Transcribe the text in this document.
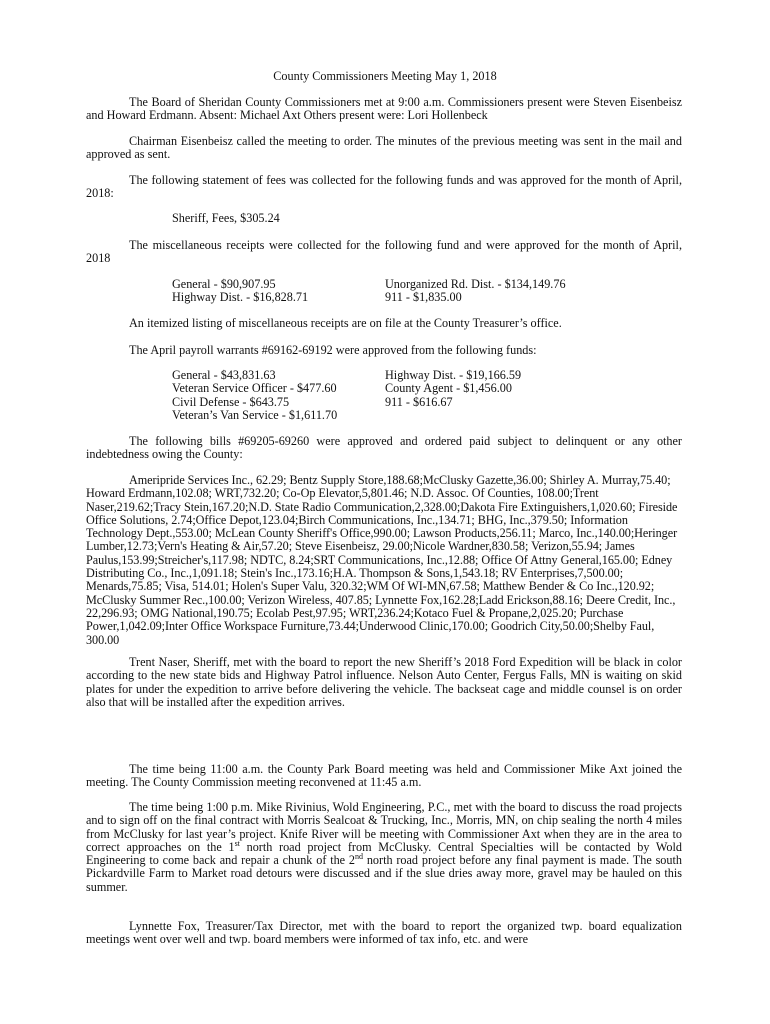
County Commissioners Meeting May 1, 2018
The Board of Sheridan County Commissioners met at 9:00 a.m. Commissioners present were Steven Eisenbeisz and Howard Erdmann. Absent: Michael Axt Others present were: Lori Hollenbeck
Chairman Eisenbeisz called the meeting to order. The minutes of the previous meeting was sent in the mail and approved as sent.
The following statement of fees was collected for the following funds and was approved for the month of April, 2018:
Sheriff, Fees, $305.24
The miscellaneous receipts were collected for the following fund and were approved for the month of April, 2018
General - $90,907.95
Highway Dist. - $16,828.71
Unorganized Rd. Dist. - $134,149.76
911 - $1,835.00
An itemized listing of miscellaneous receipts are on file at the County Treasurer’s office.
The April payroll warrants #69162-69192 were approved from the following funds:
General - $43,831.63
Veteran Service Officer - $477.60
Civil Defense - $643.75
Veteran’s Van Service - $1,611.70
Highway Dist. - $19,166.59
County Agent - $1,456.00
911 - $616.67
The following bills #69205-69260 were approved and ordered paid subject to delinquent or any other indebtedness owing the County:
Ameripride Services Inc., 62.29; Bentz Supply Store,188.68;McClusky Gazette,36.00; Shirley A. Murray,75.40; Howard Erdmann,102.08; WRT,732.20; Co-Op Elevator,5,801.46; N.D. Assoc. Of Counties, 108.00;Trent Naser,219.62;Tracy Stein,167.20;N.D. State Radio Communication,2,328.00;Dakota Fire Extinguishers,1,020.60; Fireside Office Solutions, 2.74;Office Depot,123.04;Birch Communications, Inc.,134.71; BHG, Inc.,379.50; Information Technology Dept.,553.00; McLean County Sheriff's Office,990.00; Lawson Products,256.11; Marco, Inc.,140.00;Heringer Lumber,12.73;Vern's Heating & Air,57.20; Steve Eisenbeisz, 29.00;Nicole Wardner,830.58; Verizon,55.94; James Paulus,153.99;Streicher's,117.98; NDTC, 8.24;SRT Communications, Inc.,12.88; Office Of Attny General,165.00; Edney Distributing Co., Inc.,1,091.18; Stein's Inc.,173.16;H.A. Thompson & Sons,1,543.18; RV Enterprises,7,500.00; Menards,75.85; Visa, 514.01; Holen's Super Valu, 320.32;WM Of WI-MN,67.58; Matthew Bender & Co Inc.,120.92; McClusky Summer Rec.,100.00; Verizon Wireless, 407.85; Lynnette Fox,162.28;Ladd Erickson,88.16; Deere Credit, Inc., 22,296.93; OMG National,190.75; Ecolab Pest,97.95; WRT,236.24;Kotaco Fuel & Propane,2,025.20; Purchase Power,1,042.09;Inter Office Workspace Furniture,73.44;Underwood Clinic,170.00; Goodrich City,50.00;Shelby Faul, 300.00
Trent Naser, Sheriff, met with the board to report the new Sheriff’s 2018 Ford Expedition will be black in color according to the new state bids and Highway Patrol influence. Nelson Auto Center, Fergus Falls, MN is waiting on skid plates for under the expedition to arrive before delivering the vehicle. The backseat cage and middle counsel is on order also that will be installed after the expedition arrives.
The time being 11:00 a.m. the County Park Board meeting was held and Commissioner Mike Axt joined the meeting. The County Commission meeting reconvened at 11:45 a.m.
The time being 1:00 p.m. Mike Rivinius, Wold Engineering, P.C., met with the board to discuss the road projects and to sign off on the final contract with Morris Sealcoat & Trucking, Inc., Morris, MN, on chip sealing the north 4 miles from McClusky for last year’s project. Knife River will be meeting with Commissioner Axt when they are in the area to correct approaches on the 1st north road project from McClusky. Central Specialties will be contacted by Wold Engineering to come back and repair a chunk of the 2nd north road project before any final payment is made. The south Pickardville Farm to Market road detours were discussed and if the slue dries away more, gravel may be hauled on this summer.
Lynnette Fox, Treasurer/Tax Director, met with the board to report the organized twp. board equalization meetings went over well and twp. board members were informed of tax info, etc. and were
